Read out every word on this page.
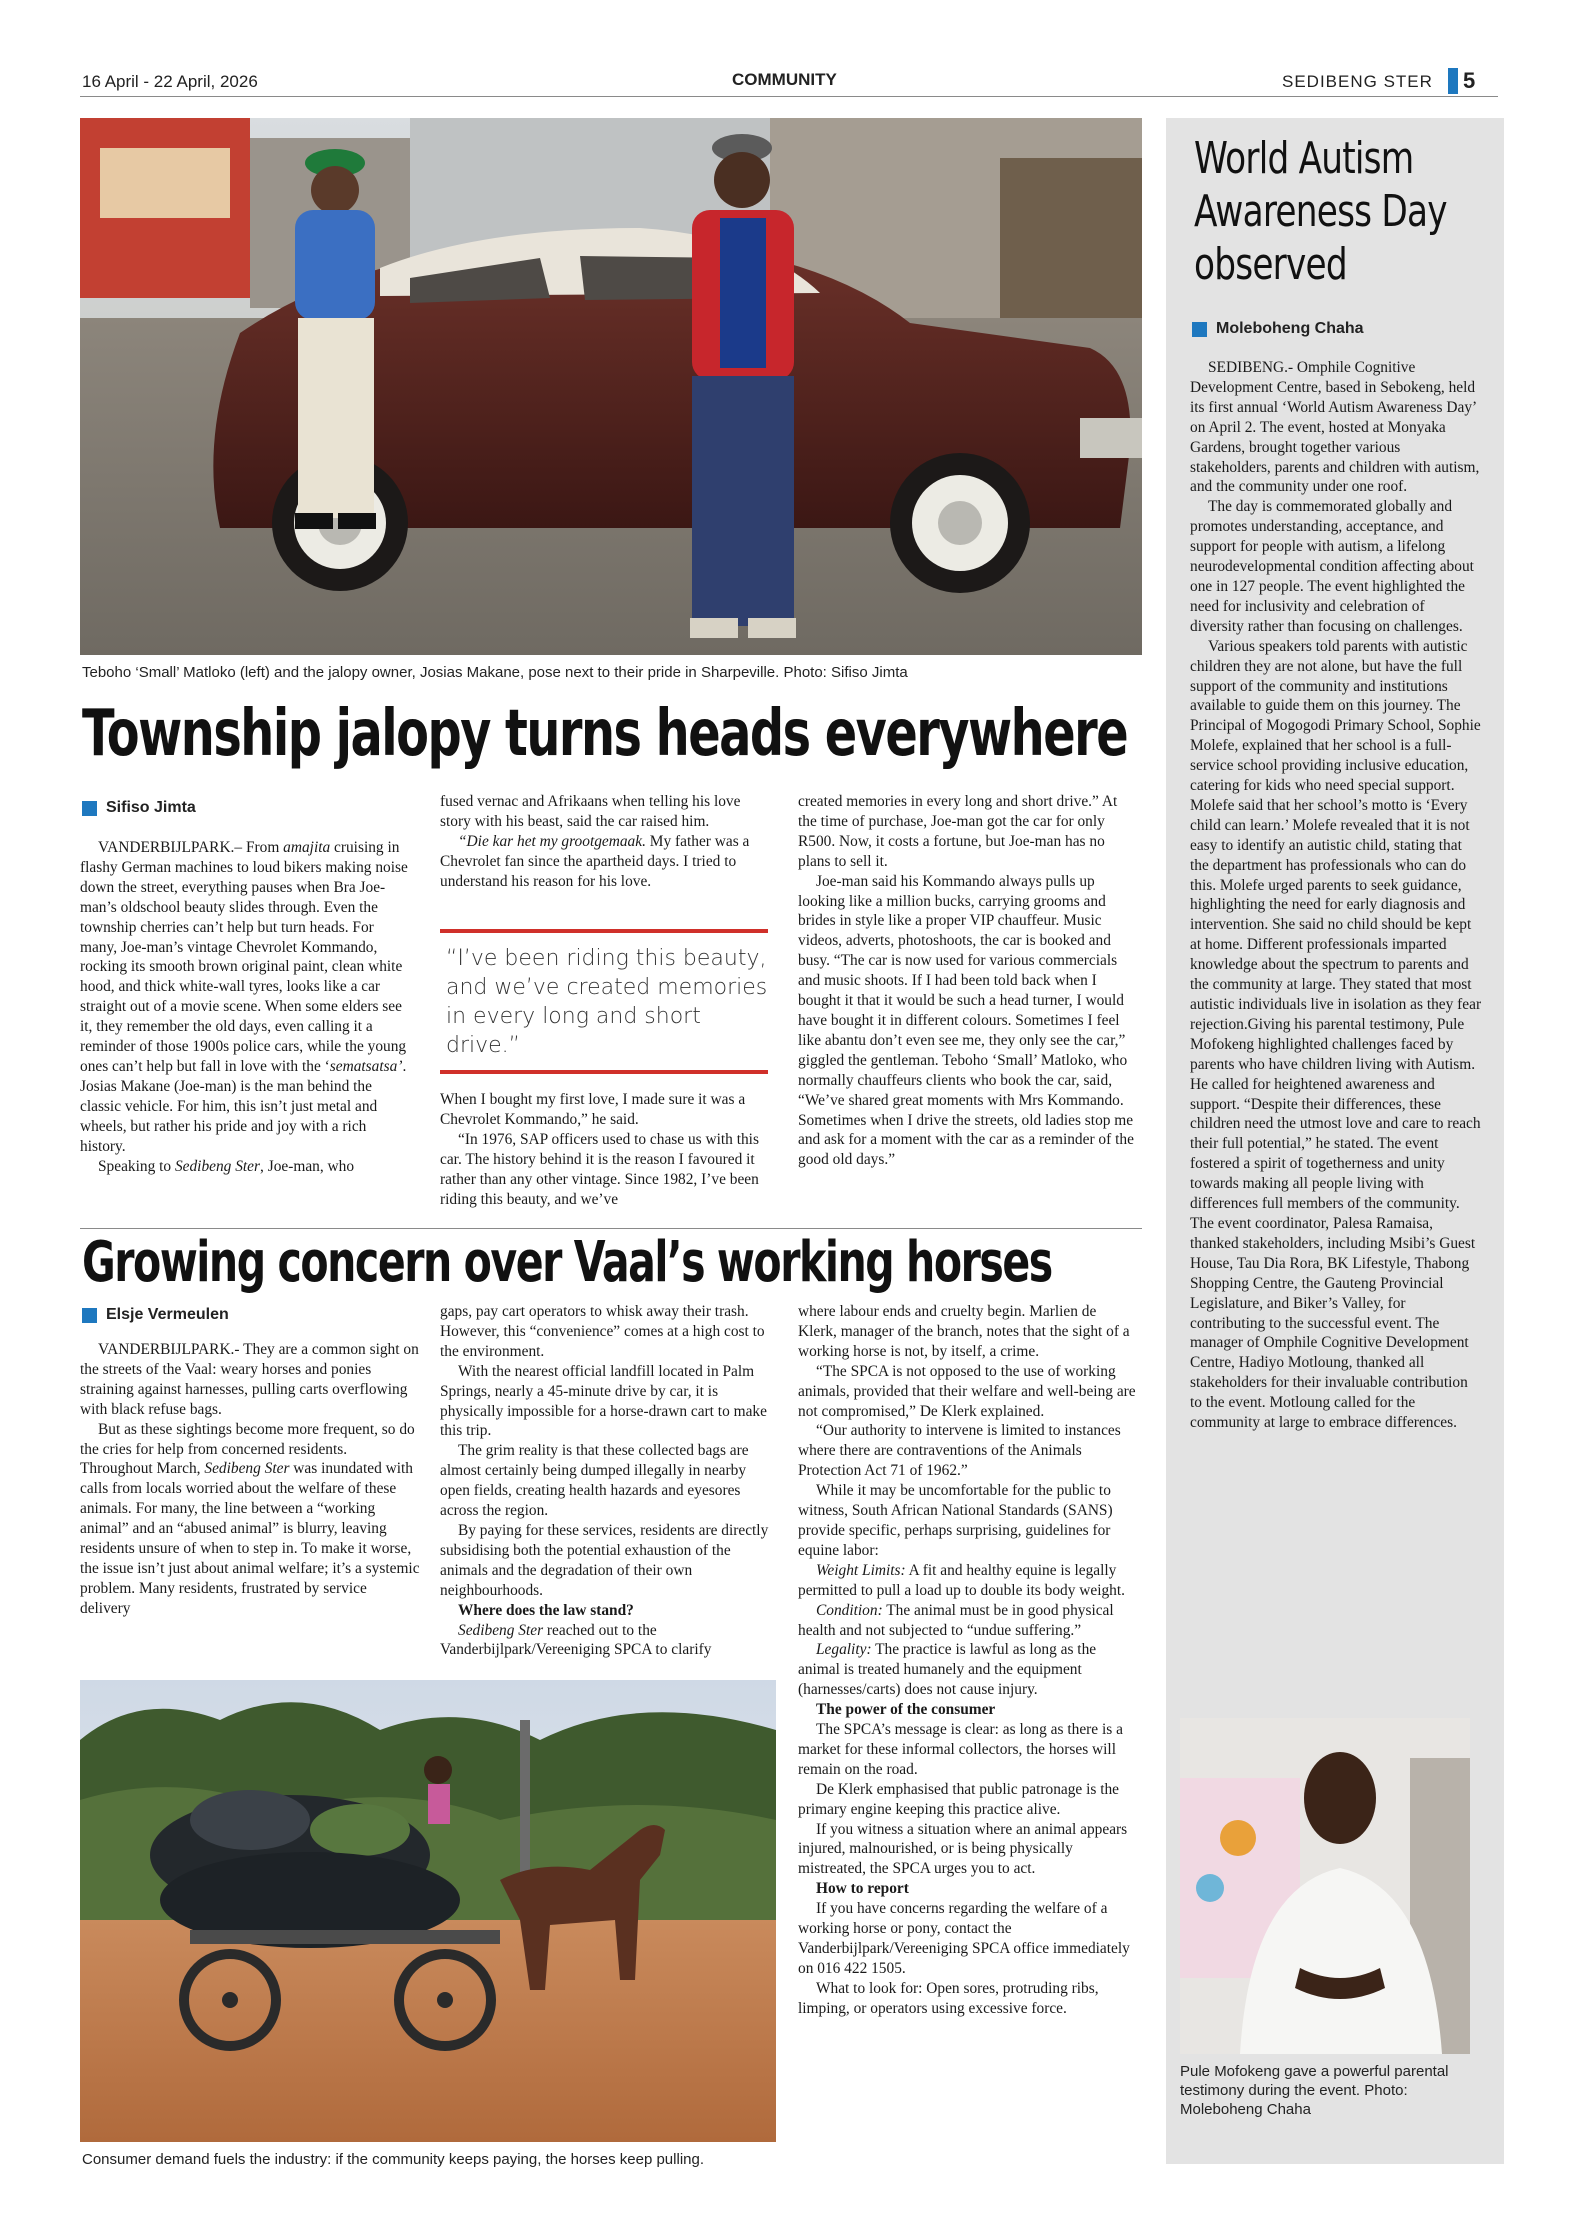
16 April - 22 April, 2026	COMMUNITY	SEDIBENG STER 5
Teboho ‘Small’ Matloko (left) and the jalopy owner, Josias Makane, pose next to their pride in Sharpeville. Photo: Sifiso Jimta
Township jalopy turns heads everywhere
Sifiso Jimta

VANDERBIJLPARK.– From amajita cruising in flashy German machines to loud bikers making noise down the street, everything pauses when Bra Joe-man’s oldschool beauty slides through. Even the township cherries can’t help but turn heads. For many, Joe-man’s vintage Chevrolet Kommando, rocking its smooth brown original paint, clean white hood, and thick white-wall tyres, looks like a car straight out of a movie scene. When some elders see it, they remember the old days, even calling it a reminder of those 1900s police cars, while the young ones can’t help but fall in love with the ‘sematsatsa’. Josias Makane (Joe-man) is the man behind the classic vehicle. For him, this isn’t just metal and wheels, but rather his pride and joy with a rich history.

Speaking to Sedibeng Ster, Joe-man, who

fused vernac and Afrikaans when telling his love story with his beast, said the car raised him.

“Die kar het my grootgemaak. My father was a Chevrolet fan since the apartheid days. I tried to understand his reason for his love.

“I’ve been riding this beauty, and we’ve created memories in every long and short drive.”

When I bought my first love, I made sure it was a Chevrolet Kommando,” he said.

“In 1976, SAP officers used to chase us with this car. The history behind it is the reason I favoured it rather than any other vintage. Since 1982, I’ve been riding this beauty, and we’ve

created memories in every long and short drive.” At the time of purchase, Joe-man got the car for only R500. Now, it costs a fortune, but Joe-man has no plans to sell it.

Joe-man said his Kommando always pulls up looking like a million bucks, carrying grooms and brides in style like a proper VIP chauffeur. Music videos, adverts, photoshoots, the car is booked and busy. “The car is now used for various commercials and music shoots. If I had been told back when I bought it that it would be such a head turner, I would have bought it in different colours. Sometimes I feel like abantu don’t even see me, they only see the car,” giggled the gentleman. Teboho ‘Small’ Matloko, who normally chauffeurs clients who book the car, said, “We’ve shared great moments with Mrs Kommando. Sometimes when I drive the streets, old ladies stop me and ask for a moment with the car as a reminder of the good old days.”

Growing concern over Vaal’s working horses
Elsje Vermeulen

VANDERBIJLPARK.- They are a common sight on the streets of the Vaal: weary horses and ponies straining against harnesses, pulling carts overflowing with black refuse bags.

But as these sightings become more frequent, so do the cries for help from concerned residents. Throughout March, Sedibeng Ster was inundated with calls from locals worried about the welfare of these animals. For many, the line between a “working animal” and an “abused animal” is blurry, leaving residents unsure of when to step in. To make it worse, the issue isn’t just about animal welfare; it’s a systemic problem. Many residents, frustrated by service delivery

gaps, pay cart operators to whisk away their trash. However, this “convenience” comes at a high cost to the environment.

With the nearest official landfill located in Palm Springs, nearly a 45-minute drive by car, it is physically impossible for a horse-drawn cart to make this trip.

The grim reality is that these collected bags are almost certainly being dumped illegally in nearby open fields, creating health hazards and eyesores across the region.

By paying for these services, residents are directly subsidising both the potential exhaustion of the animals and the degradation of their own neighbourhoods.

Where does the law stand?

Sedibeng Ster reached out to the Vanderbijlpark/Vereeniging SPCA to clarify

where labour ends and cruelty begin. Marlien de Klerk, manager of the branch, notes that the sight of a working horse is not, by itself, a crime.

“The SPCA is not opposed to the use of working animals, provided that their welfare and well-being are not compromised,” De Klerk explained.

“Our authority to intervene is limited to instances where there are contraventions of the Animals Protection Act 71 of 1962.”

While it may be uncomfortable for the public to witness, South African National Standards (SANS) provide specific, perhaps surprising, guidelines for equine labor:

Weight Limits: A fit and healthy equine is legally permitted to pull a load up to double its body weight.

Condition: The animal must be in good physical health and not subjected to “undue suffering.”

Legality: The practice is lawful as long as the animal is treated humanely and the equipment (harnesses/carts) does not cause injury.

The power of the consumer

The SPCA’s message is clear: as long as there is a market for these informal collectors, the horses will remain on the road.

De Klerk emphasised that public patronage is the primary engine keeping this practice alive.

If you witness a situation where an animal appears injured, malnourished, or is being physically mistreated, the SPCA urges you to act.

How to report

If you have concerns regarding the welfare of a working horse or pony, contact the Vanderbijlpark/Vereeniging SPCA office immediately on 016 422 1505.

What to look for: Open sores, protruding ribs, limping, or operators using excessive force.

Consumer demand fuels the industry: if the community keeps paying, the horses keep pulling.
World Autism
Awareness Day
observed
Moleboheng Chaha

SEDIBENG.- Omphile Cognitive Development Centre, based in Sebokeng, held its first annual ‘World Autism Awareness Day’ on April 2. The event, hosted at Monyaka Gardens, brought together various stakeholders, parents and children with autism, and the community under one roof.

The day is commemorated globally and promotes understanding, acceptance, and support for people with autism, a lifelong neurodevelopmental condition affecting about one in 127 people. The event highlighted the need for inclusivity and celebration of diversity rather than focusing on challenges.

Various speakers told parents with autistic children they are not alone, but have the full support of the community and institutions available to guide them on this journey. The Principal of Mogogodi Primary School, Sophie Molefe, explained that her school is a full-service school providing inclusive education, catering for kids who need special support. Molefe said that her school’s motto is ‘Every child can learn.’ Molefe revealed that it is not easy to identify an autistic child, stating that the department has professionals who can do this. Molefe urged parents to seek guidance, highlighting the need for early diagnosis and intervention. She said no child should be kept at home. Different professionals imparted knowledge about the spectrum to parents and the community at large. They stated that most autistic individuals live in isolation as they fear rejection.Giving his parental testimony, Pule Mofokeng highlighted challenges faced by parents who have children living with Autism. He called for heightened awareness and support. “Despite their differences, these children need the utmost love and care to reach their full potential,” he stated. The event fostered a spirit of togetherness and unity towards making all people living with differences full members of the community. The event coordinator, Palesa Ramaisa, thanked stakeholders, including Msibi’s Guest House, Tau Dia Rora, BK Lifestyle, Thabong Shopping Centre, the Gauteng Provincial Legislature, and Biker’s Valley, for contributing to the successful event. The manager of Omphile Cognitive Development Centre, Hadiyo Motloung, thanked all stakeholders for their invaluable contribution to the event. Motloung called for the community at large to embrace differences.

Pule Mofokeng gave a powerful parental testimony during the event. Photo: Moleboheng Chaha
